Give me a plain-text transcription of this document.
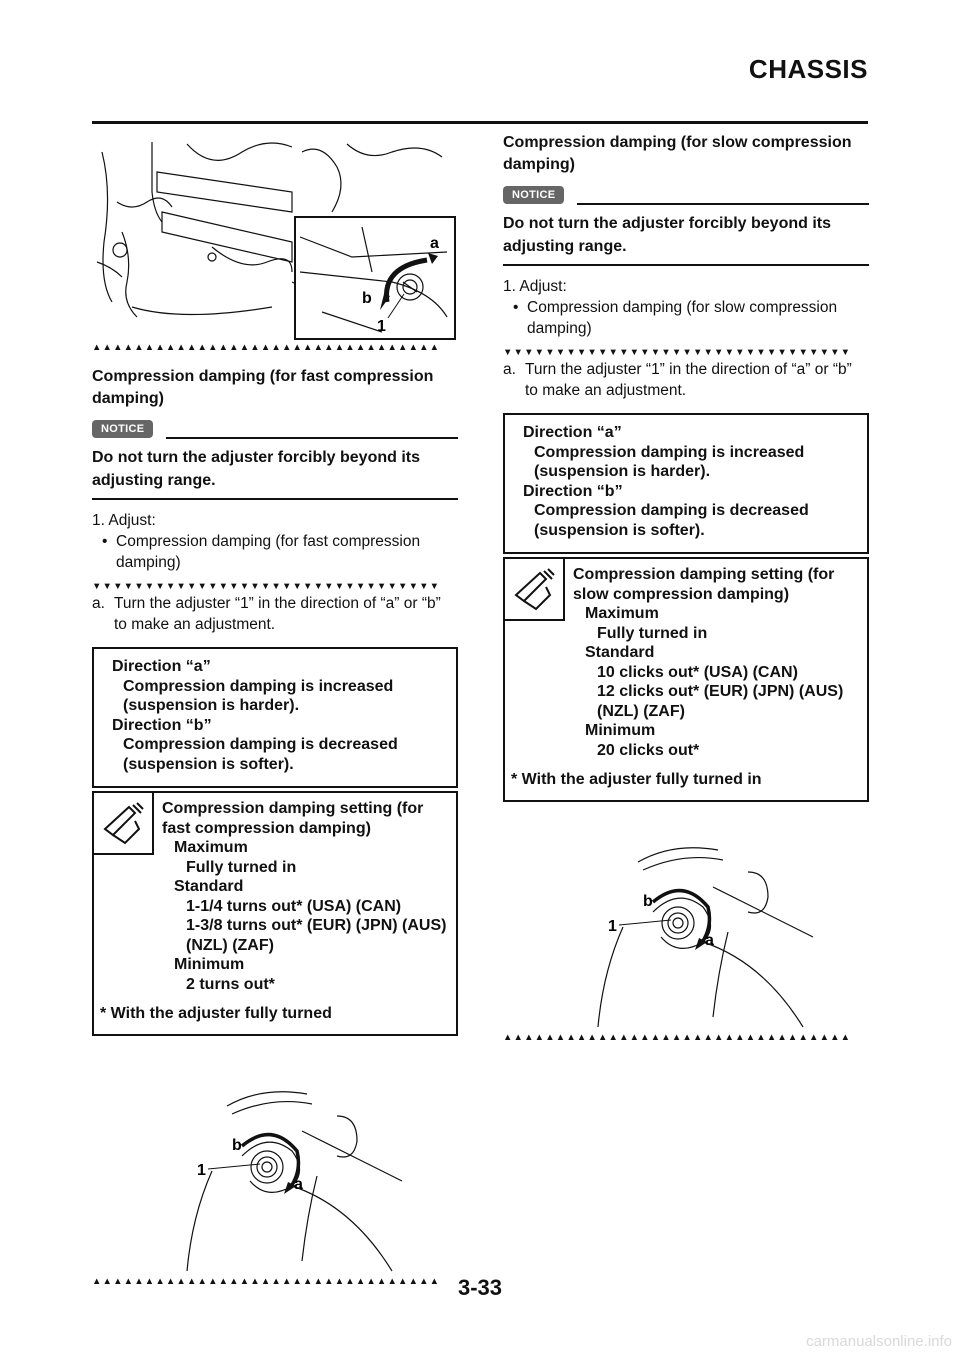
CHASSIS
a
b
1
▲▲▲▲▲▲▲▲▲▲▲▲▲▲▲▲▲▲▲▲▲▲▲▲▲▲▲▲▲▲▲▲▲
Compression damping (for fast compression damping)
NOTICE
Do not turn the adjuster forcibly beyond its adjusting range.
1. Adjust:
• Compression damping (for fast compression damping)
▼▼▼▼▼▼▼▼▼▼▼▼▼▼▼▼▼▼▼▼▼▼▼▼▼▼▼▼▼▼▼▼▼
a. Turn the adjuster “1” in the direction of “a” or “b” to make an adjustment.
Direction “a”
Compression damping is increased (suspension is harder).
Direction “b”
Compression damping is decreased (suspension is softer).
Compression damping setting (for fast compression damping)
Maximum
Fully turned in
Standard
1-1/4 turns out* (USA) (CAN)
1-3/8 turns out* (EUR) (JPN) (AUS) (NZL) (ZAF)
Minimum
2 turns out*
* With the adjuster fully turned
b
a
1
▲▲▲▲▲▲▲▲▲▲▲▲▲▲▲▲▲▲▲▲▲▲▲▲▲▲▲▲▲▲▲▲▲
Compression damping (for slow compression damping)
NOTICE
Do not turn the adjuster forcibly beyond its adjusting range.
1. Adjust:
• Compression damping (for slow compression damping)
▼▼▼▼▼▼▼▼▼▼▼▼▼▼▼▼▼▼▼▼▼▼▼▼▼▼▼▼▼▼▼▼▼
a. Turn the adjuster “1” in the direction of “a” or “b” to make an adjustment.
Direction “a”
Compression damping is increased (suspension is harder).
Direction “b”
Compression damping is decreased (suspension is softer).
Compression damping setting (for slow compression damping)
Maximum
Fully turned in
Standard
10 clicks out* (USA) (CAN)
12 clicks out* (EUR) (JPN) (AUS) (NZL) (ZAF)
Minimum
20 clicks out*
* With the adjuster fully turned in
b
a
1
▲▲▲▲▲▲▲▲▲▲▲▲▲▲▲▲▲▲▲▲▲▲▲▲▲▲▲▲▲▲▲▲▲
3-33
carmanualsonline.info
